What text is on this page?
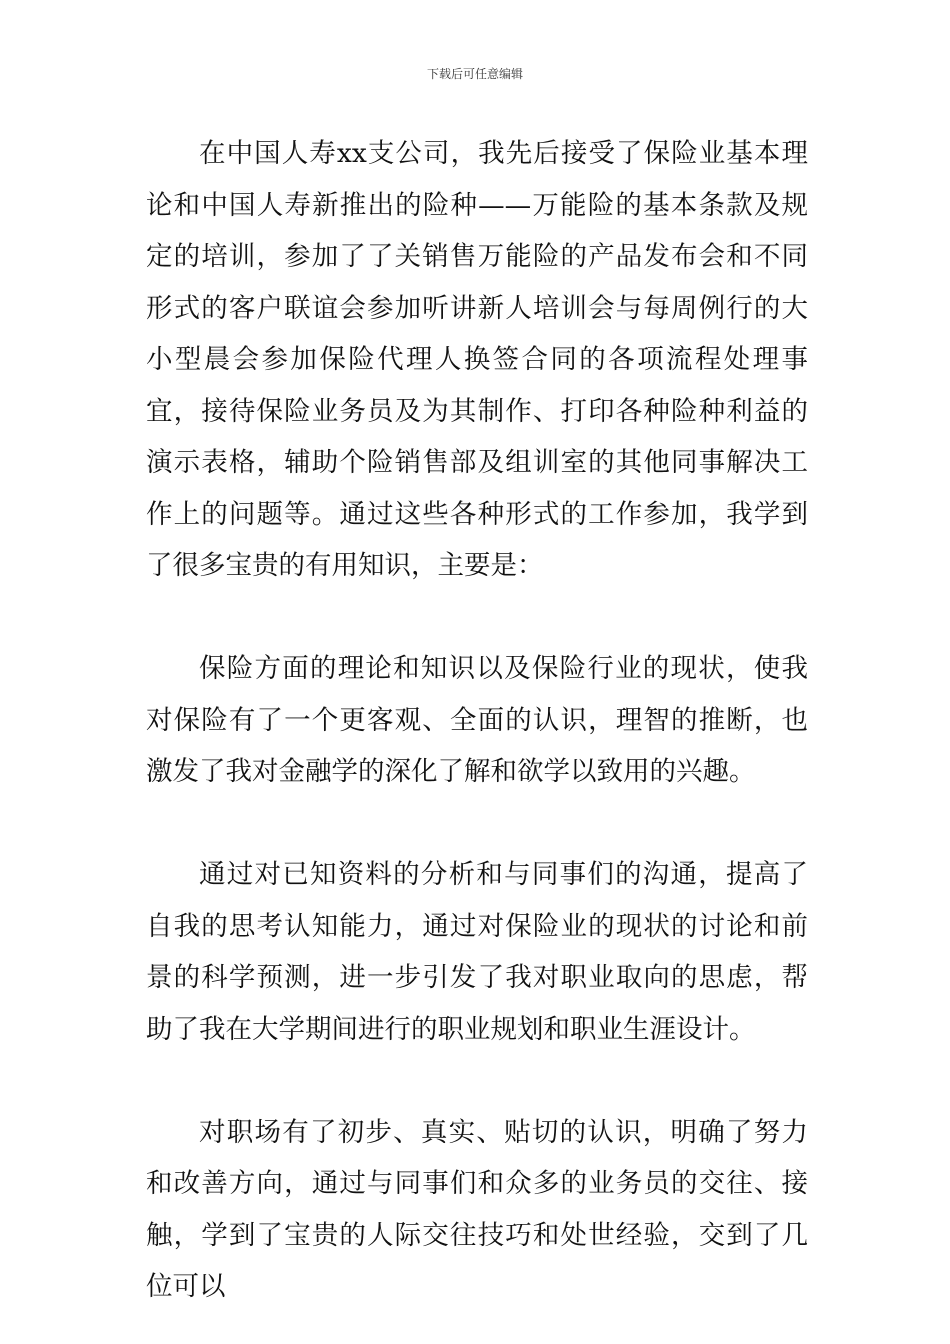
下载后可任意编辑

在中国人寿xx支公司，我先后接受了保险业基本理论和中国人寿新推出的险种——万能险的基本条款及规定的培训，参加了了关销售万能险的产品发布会和不同形式的客户联谊会参加听讲新人培训会与每周例行的大小型晨会参加保险代理人换签合同的各项流程处理事宜，接待保险业务员及为其制作、打印各种险种利益的演示表格，辅助个险销售部及组训室的其他同事解决工作上的问题等。通过这些各种形式的工作参加，我学到了很多宝贵的有用知识，主要是：

保险方面的理论和知识以及保险行业的现状，使我对保险有了一个更客观、全面的认识，理智的推断，也激发了我对金融学的深化了解和欲学以致用的兴趣。

通过对已知资料的分析和与同事们的沟通，提高了自我的思考认知能力，通过对保险业的现状的讨论和前景的科学预测，进一步引发了我对职业取向的思虑，帮助了我在大学期间进行的职业规划和职业生涯设计。

对职场有了初步、真实、贴切的认识，明确了努力和改善方向，通过与同事们和众多的业务员的交往、接触，学到了宝贵的人际交往技巧和处世经验，交到了几位可以
